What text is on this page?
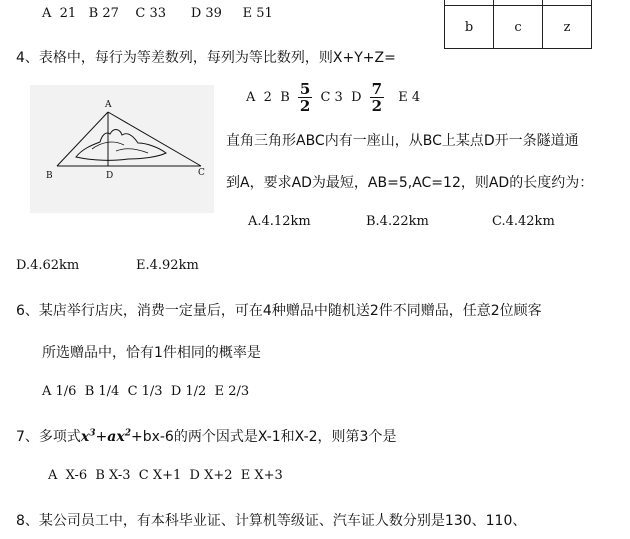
A 21 B 27 C 33 D 39 E 51

b	c	z
4、表格中，每行为等差数列，每列为等比数列，则X+Y+Z=
A  2  B $\frac{5}{2}$ C 3  D $\frac{7}{2}$ E 4
A
B	D	C
直角三角形ABC内有一座山，从BC上某点D开一条隧道通
到A，要求AD为最短，AB=5,AC=12，则AD的长度约为：
A.4.12km	B.4.22km	C.4.42km
D.4.62km	E.4.92km
6、某店举行店庆，消费一定量后，可在4种赠品中随机送2件不同赠品，任意2位顾客
所选赠品中，恰有1件相同的概率是
A 1/6  B 1/4  C 1/3  D 1/2  E 2/3
7、多项式$x^3+ax^2+bx-6$的两个因式是X-1和X-2，则第3个是
A  X-6  B X-3  C X+1  D X+2  E X+3
8、某公司员工中，有本科毕业证、计算机等级证、汽车证人数分别是130、110、
